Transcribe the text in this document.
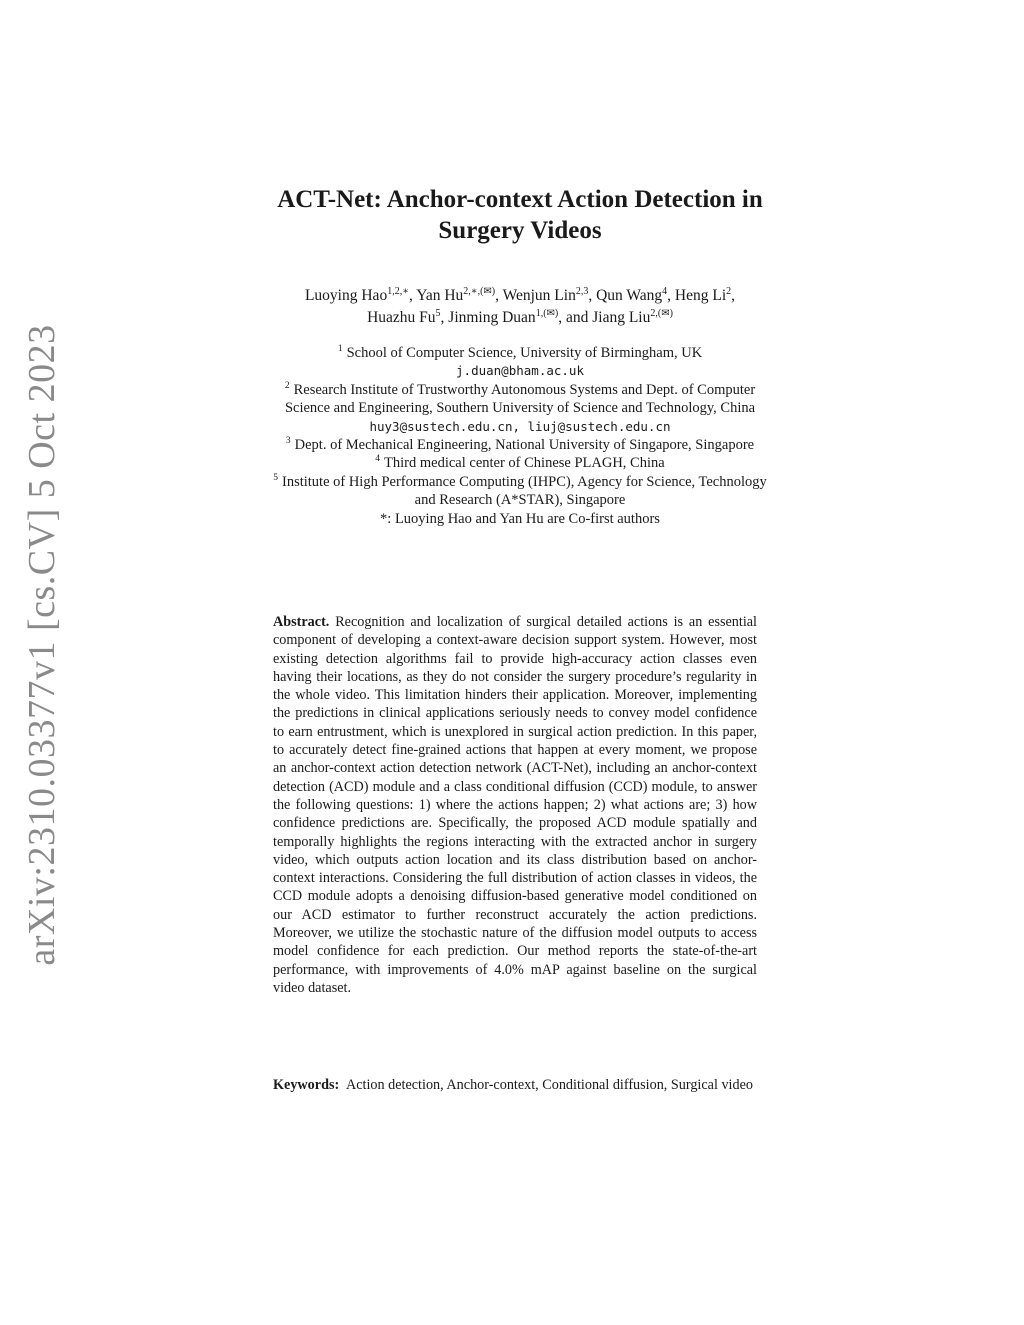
arXiv:2310.03377v1 [cs.CV] 5 Oct 2023
ACT-Net: Anchor-context Action Detection in
Surgery Videos
Luoying Hao$^{1,2,∗}$, Yan $Hu^{2,∗,(✉)}$, Wenjun Lin$^{2,3}$, Qun Wang$^4$, Heng Li$^2$,
Huazhu Fu$^5$, Jinming Duan$^{1,(✉)}$, and Jiang Liu$^{2,(✉)}$
$^1$ School of Computer Science, University of Birmingham, UK
j.duan@bham.ac.uk
$^2$ Research Institute of Trustworthy Autonomous Systems and Dept. of Computer
Science and Engineering, Southern University of Science and Technology, China
huy3@sustech.edu.cn, liuj@sustech.edu.cn
$^3$ Dept. of Mechanical Engineering, National University of Singapore, Singapore
$^4$ Third medical center of Chinese PLAGH, China
$^5$ Institute of High Performance Computing (IHPC), Agency for Science, Technology
and Research (A*STAR), Singapore
*: Luoying Hao and Yan Hu are Co-first authors
Abstract. Recognition and localization of surgical detailed actions is an essential component of developing a context-aware decision support system. However, most existing detection algorithms fail to provide high-accuracy action classes even having their locations, as they do not consider the surgery procedure’s regularity in the whole video. This limitation hinders their application. Moreover, implementing the predictions in clinical applications seriously needs to convey model confidence to earn entrustment, which is unexplored in surgical action prediction. In this paper, to accurately detect fine-grained actions that happen at every moment, we propose an anchor-context action detection network (ACT-Net), including an anchor-context detection (ACD) module and a class conditional diffusion (CCD) module, to answer the following questions: 1) where the actions happen; 2) what actions are; 3) how confidence predictions are. Specifically, the proposed ACD module spatially and temporally highlights the regions interacting with the extracted anchor in surgery video, which outputs action location and its class distribution based on anchor-context interactions. Considering the full distribution of action classes in videos, the CCD module adopts a denoising diffusion-based generative model conditioned on our ACD estimator to further reconstruct accurately the action predictions. Moreover, we utilize the stochastic nature of the diffusion model outputs to access model confidence for each prediction. Our method reports the state-of-the-art performance, with improvements of 4.0% mAP against baseline on the surgical video dataset.
Keywords: Action detection, Anchor-context, Conditional diffusion, Surgical video
